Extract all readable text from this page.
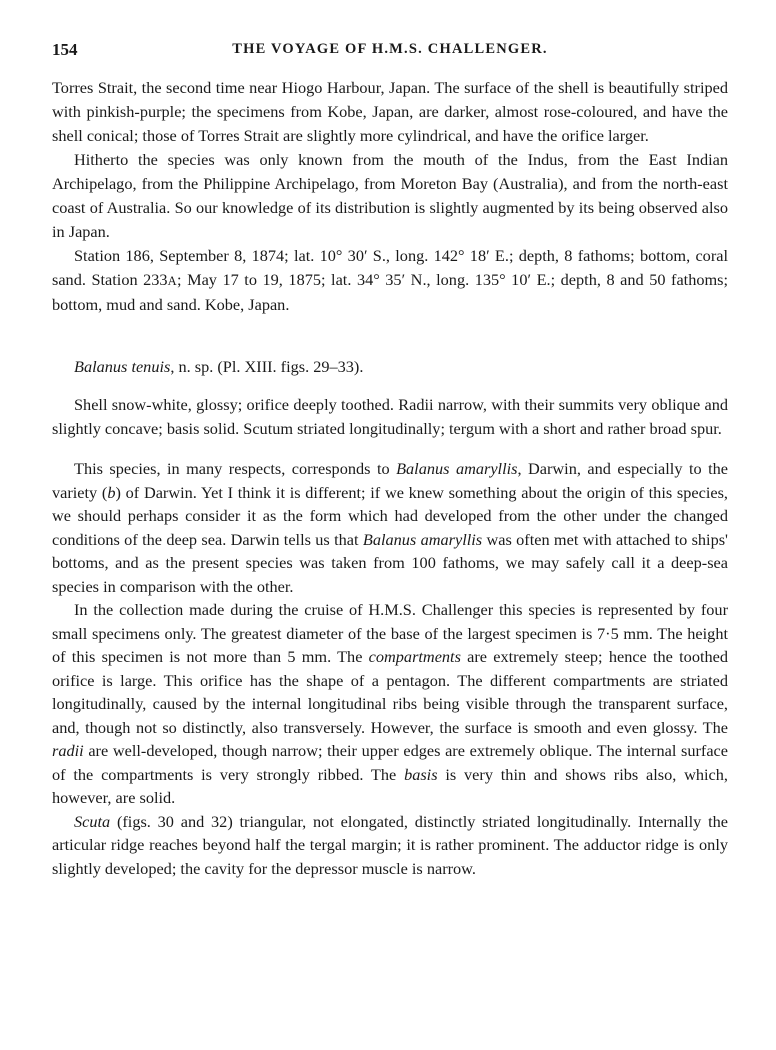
154	THE VOYAGE OF H.M.S. CHALLENGER.

Torres Strait, the second time near Hiogo Harbour, Japan. The surface of the shell is beautifully striped with pinkish-purple; the specimens from Kobe, Japan, are darker, almost rose-coloured, and have the shell conical; those of Torres Strait are slightly more cylindrical, and have the orifice larger.

Hitherto the species was only known from the mouth of the Indus, from the East Indian Archipelago, from the Philippine Archipelago, from Moreton Bay (Australia), and from the north-east coast of Australia. So our knowledge of its distribution is slightly augmented by its being observed also in Japan.

Station 186, September 8, 1874; lat. 10° 30′ S., long. 142° 18′ E.; depth, 8 fathoms; bottom, coral sand. Station 233A; May 17 to 19, 1875; lat. 34° 35′ N., long. 135° 10′ E.; depth, 8 and 50 fathoms; bottom, mud and sand. Kobe, Japan.

Balanus tenuis, n. sp. (Pl. XIII. figs. 29–33).

Shell snow-white, glossy; orifice deeply toothed. Radii narrow, with their summits very oblique and slightly concave; basis solid. Scutum striated longitudinally; tergum with a short and rather broad spur.

This species, in many respects, corresponds to Balanus amaryllis, Darwin, and especially to the variety (b) of Darwin. Yet I think it is different; if we knew something about the origin of this species, we should perhaps consider it as the form which had developed from the other under the changed conditions of the deep sea. Darwin tells us that Balanus amaryllis was often met with attached to ships' bottoms, and as the present species was taken from 100 fathoms, we may safely call it a deep-sea species in comparison with the other.

In the collection made during the cruise of H.M.S. Challenger this species is represented by four small specimens only. The greatest diameter of the base of the largest specimen is 7·5 mm. The height of this specimen is not more than 5 mm. The compartments are extremely steep; hence the toothed orifice is large. This orifice has the shape of a pentagon. The different compartments are striated longitudinally, caused by the internal longitudinal ribs being visible through the transparent surface, and, though not so distinctly, also transversely. However, the surface is smooth and even glossy. The radii are well-developed, though narrow; their upper edges are extremely oblique. The internal surface of the compartments is very strongly ribbed. The basis is very thin and shows ribs also, which, however, are solid.

Scuta (figs. 30 and 32) triangular, not elongated, distinctly striated longitudinally. Internally the articular ridge reaches beyond half the tergal margin; it is rather prominent. The adductor ridge is only slightly developed; the cavity for the depressor muscle is narrow.
